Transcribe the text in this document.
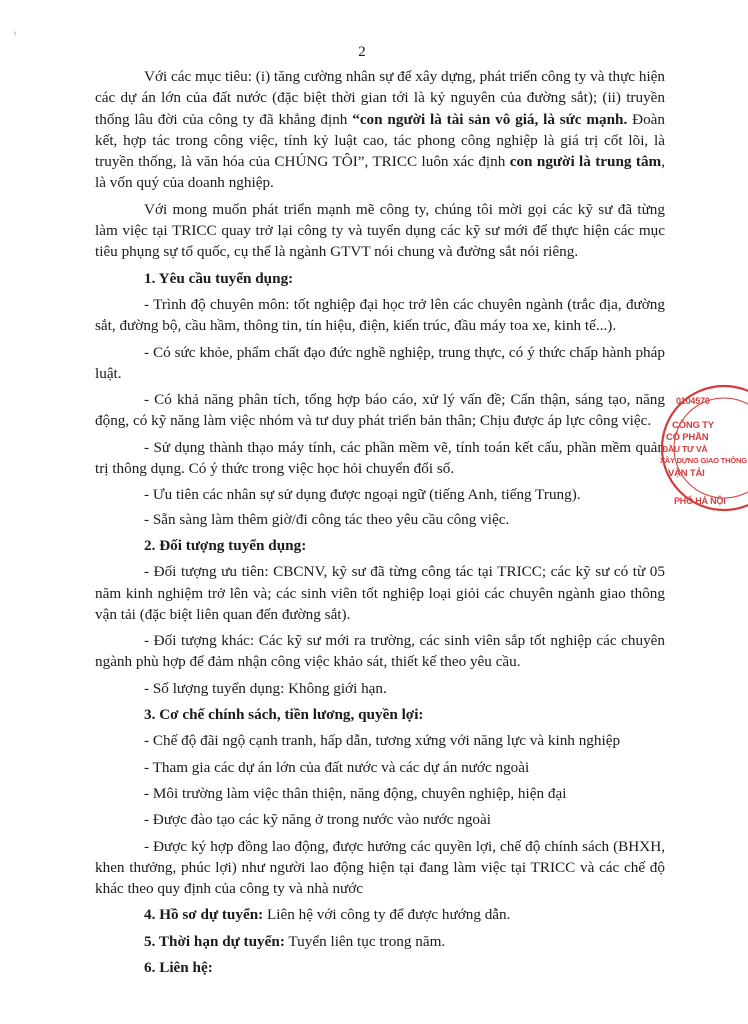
ᵗ
2

Với các mục tiêu: (i) tăng cường nhân sự để xây dựng, phát triển công ty và thực hiện các dự án lớn của đất nước (đặc biệt thời gian tới là kỷ nguyên của đường sắt); (ii) truyền thống lâu đời của công ty đã khẳng định “con người là tài sản vô giá, là sức mạnh. Đoàn kết, hợp tác trong công việc, tính kỷ luật cao, tác phong công nghiệp là giá trị cốt lõi, là truyền thống, là văn hóa của CHÚNG TÔI”, TRICC luôn xác định con người là trung tâm, là vốn quý của doanh nghiệp.

Với mong muốn phát triển mạnh mẽ công ty, chúng tôi mời gọi các kỹ sư đã từng làm việc tại TRICC quay trở lại công ty và tuyển dụng các kỹ sư mới để thực hiện các mục tiêu phụng sự tổ quốc, cụ thể là ngành GTVT nói chung và đường sắt nói riêng.

1. Yêu cầu tuyển dụng:

- Trình độ chuyên môn: tốt nghiệp đại học trở lên các chuyên ngành (trắc địa, đường sắt, đường bộ, cầu hầm, thông tin, tín hiệu, điện, kiến trúc, đầu máy toa xe, kinh tế...).

- Có sức khỏe, phẩm chất đạo đức nghề nghiệp, trung thực, có ý thức chấp hành pháp luật.

- Có khả năng phân tích, tổng hợp báo cáo, xử lý vấn đề; Cẩn thận, sáng tạo, năng động, có kỹ năng làm việc nhóm và tư duy phát triển bản thân; Chịu được áp lực công việc.

- Sử dụng thành thạo máy tính, các phần mềm vẽ, tính toán kết cấu, phần mềm quản trị thông dụng. Có ý thức trong việc học hỏi chuyển đổi số.

- Ưu tiên các nhân sự sử dụng được ngoại ngữ (tiếng Anh, tiếng Trung).

- Sẵn sàng làm thêm giờ/đi công tác theo yêu cầu công việc.

2. Đối tượng tuyển dụng:

- Đối tượng ưu tiên: CBCNV, kỹ sư đã từng công tác tại TRICC; các kỹ sư có từ 05 năm kinh nghiệm trở lên và; các sinh viên tốt nghiệp loại giỏi các chuyên ngành giao thông vận tải (đặc biệt liên quan đến đường sắt).

- Đối tượng khác: Các kỹ sư mới ra trường, các sinh viên sắp tốt nghiệp các chuyên ngành phù hợp để đảm nhận công việc khảo sát, thiết kế theo yêu cầu.

- Số lượng tuyển dụng: Không giới hạn.

3. Cơ chế chính sách, tiền lương, quyền lợi:

- Chế độ đãi ngộ cạnh tranh, hấp dẫn, tương xứng với năng lực và kinh nghiệp

- Tham gia các dự án lớn của đất nước và các dự án nước ngoài

- Môi trường làm việc thân thiện, năng động, chuyên nghiệp, hiện đại

- Được đào tạo các kỹ năng ở trong nước vào nước ngoài

- Được ký hợp đồng lao động, được hưởng các quyền lợi, chế độ chính sách (BHXH, khen thưởng, phúc lợi) như người lao động hiện tại đang làm việc tại TRICC và các chế độ khác theo quy định của công ty và nhà nước

4. Hồ sơ dự tuyển: Liên hệ với công ty để được hướng dẫn.

5. Thời hạn dự tuyển: Tuyển liên tục trong năm.

6. Liên hệ:

0104570
CÔNG TY
CỔ PHẦN
ĐẦU TƯ VÀ
XÂY DỰNG GIAO THÔNG
VẬN TẢI
PHỐ HÀ NỘI
